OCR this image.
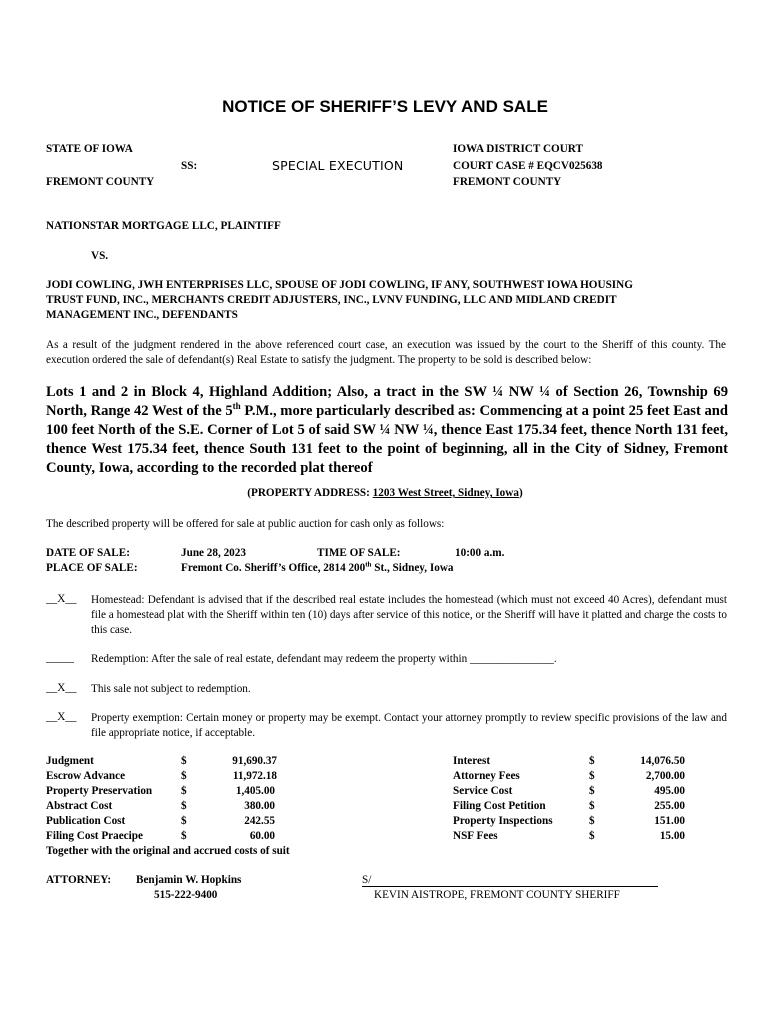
NOTICE OF SHERIFF’S LEVY AND SALE
STATE OF IOWA
SS:
FREMONT COUNTY
SPECIAL EXECUTION
IOWA DISTRICT COURT
COURT CASE # EQCV025638
FREMONT COUNTY
NATIONSTAR MORTGAGE LLC, PLAINTIFF
VS.
JODI COWLING, JWH ENTERPRISES LLC, SPOUSE OF JODI COWLING, IF ANY, SOUTHWEST IOWA HOUSING
TRUST FUND, INC., MERCHANTS CREDIT ADJUSTERS, INC., LVNV FUNDING, LLC AND MIDLAND CREDIT
MANAGEMENT INC., DEFENDANTS
As a result of the judgment rendered in the above referenced court case, an execution was issued by the court to the Sheriff of this county. The execution ordered the sale of defendant(s) Real Estate to satisfy the judgment. The property to be sold is described below:
Lots 1 and 2 in Block 4, Highland Addition; Also, a tract in the SW ¼ NW ¼ of Section 26, Township 69 North, Range 42 West of the 5th P.M., more particularly described as: Commencing at a point 25 feet East and 100 feet North of the S.E. Corner of Lot 5 of said SW ¼ NW ¼, thence East 175.34 feet, thence North 131 feet, thence West 175.34 feet, thence South 131 feet to the point of beginning, all in the City of Sidney, Fremont County, Iowa, according to the recorded plat thereof
(PROPERTY ADDRESS: 1203 West Street, Sidney, Iowa)
The described property will be offered for sale at public auction for cash only as follows:
DATE OF SALE:	June 28, 2023	TIME OF SALE:	10:00 a.m.
PLACE OF SALE:	Fremont Co. Sheriff’s Office, 2814 200th St., Sidney, Iowa
__X__ Homestead: Defendant is advised that if the described real estate includes the homestead (which must not exceed 40 Acres), defendant must file a homestead plat with the Sheriff within ten (10) days after service of this notice, or the Sheriff will have it platted and charge the costs to this case.
_____ Redemption: After the sale of real estate, defendant may redeem the property within _______________.
__X__ This sale not subject to redemption.
__X__ Property exemption: Certain money or property may be exempt. Contact your attorney promptly to review specific provisions of the law and file appropriate notice, if acceptable.
Judgment	$	91,690.37
Escrow Advance	$	11,972.18
Property Preservation	$	1,405.00
Abstract Cost	$	380.00
Publication Cost	$	242.55
Filing Cost Praecipe	$	60.00
Interest	$	14,076.50
Attorney Fees	$	2,700.00
Service Cost	$	495.00
Filing Cost Petition	$	255.00
Property Inspections	$	151.00
NSF Fees	$	15.00
Together with the original and accrued costs of suit
ATTORNEY: Benjamin W. Hopkins
515-222-9400
S/
KEVIN AISTROPE, FREMONT COUNTY SHERIFF
